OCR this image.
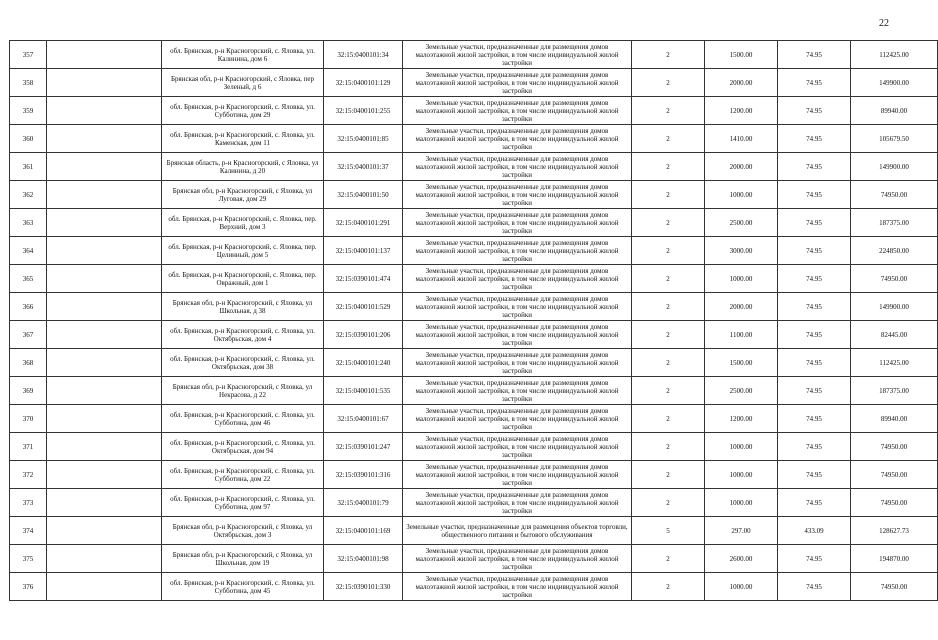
22
357		обл. Брянская, р-н Красногорский, с. Яловка, ул. Калинина, дом 6	32:15:0400101:34	Земельные участки, предназначенные для размещения домов малоэтажной жилой застройки, в том числе индивидуальной жилой застройки	2	1500.00	74.95	112425.00
358		Брянская обл, р-н Красногорский, с Яловка, пер Зеленый, д 6	32:15:0400101:129	Земельные участки, предназначенные для размещения домов малоэтажной жилой застройки, в том числе индивидуальной жилой застройки	2	2000.00	74.95	149900.00
359		обл. Брянская, р-н Красногорский, с. Яловка, ул. Субботина, дом 29	32:15:0400101:255	Земельные участки, предназначенные для размещения домов малоэтажной жилой застройки, в том числе индивидуальной жилой застройки	2	1200.00	74.95	89940.00
360		обл. Брянская, р-н Красногорский, с. Яловка, ул. Каменская, дом 11	32:15:0400101:85	Земельные участки, предназначенные для размещения домов малоэтажной жилой застройки, в том числе индивидуальной жилой застройки	2	1410.00	74.95	105679.50
361		Брянская область, р-н Красногорский, с Яловка, ул Калинина, д 20	32:15:0400101:37	Земельные участки, предназначенные для размещения домов малоэтажной жилой застройки, в том числе индивидуальной жилой застройки	2	2000.00	74.95	149900.00
362		Брянская обл, р-н Красногорский, с Яловка, ул Луговая, дом 29	32:15:0400101:50	Земельные участки, предназначенные для размещения домов малоэтажной жилой застройки, в том числе индивидуальной жилой застройки	2	1000.00	74.95	74950.00
363		обл. Брянская, р-н Красногорский, с. Яловка, пер. Верхний, дом 3	32:15:0400101:291	Земельные участки, предназначенные для размещения домов малоэтажной жилой застройки, в том числе индивидуальной жилой застройки	2	2500.00	74.95	187375.00
364		обл. Брянская, р-н Красногорский, с. Яловка, пер. Целинный, дом 5	32:15:0400101:137	Земельные участки, предназначенные для размещения домов малоэтажной жилой застройки, в том числе индивидуальной жилой застройки	2	3000.00	74.95	224850.00
365		обл. Брянская, р-н Красногорский, с. Яловка, пер. Овражный, дом 1	32:15:0390101:474	Земельные участки, предназначенные для размещения домов малоэтажной жилой застройки, в том числе индивидуальной жилой застройки	2	1000.00	74.95	74950.00
366		Брянская обл, р-н Красногорский, с Яловка, ул Школьная, д 38	32:15:0400101:529	Земельные участки, предназначенные для размещения домов малоэтажной жилой застройки, в том числе индивидуальной жилой застройки	2	2000.00	74.95	149900.00
367		обл. Брянская, р-н Красногорский, с. Яловка, ул. Октябрьская, дом 4	32:15:0390101:206	Земельные участки, предназначенные для размещения домов малоэтажной жилой застройки, в том числе индивидуальной жилой застройки	2	1100.00	74.95	82445.00
368		обл. Брянская, р-н Красногорский, с. Яловка, ул. Октябрьская, дом 38	32:15:0400101:240	Земельные участки, предназначенные для размещения домов малоэтажной жилой застройки, в том числе индивидуальной жилой застройки	2	1500.00	74.95	112425.00
369		Брянская обл, р-н Красногорский, с Яловка, ул Некрасова, д 22	32:15:0400101:535	Земельные участки, предназначенные для размещения домов малоэтажной жилой застройки, в том числе индивидуальной жилой застройки	2	2500.00	74.95	187375.00
370		обл. Брянская, р-н Красногорский, с. Яловка, ул. Субботина, дом 46	32:15:0400101:67	Земельные участки, предназначенные для размещения домов малоэтажной жилой застройки, в том числе индивидуальной жилой застройки	2	1200.00	74.95	89940.00
371		обл. Брянская, р-н Красногорский, с. Яловка, ул. Октябрьская, дом 94	32:15:0390101:247	Земельные участки, предназначенные для размещения домов малоэтажной жилой застройки, в том числе индивидуальной жилой застройки	2	1000.00	74.95	74950.00
372		обл. Брянская, р-н Красногорский, с. Яловка, ул. Субботина, дом 22	32:15:0390101:316	Земельные участки, предназначенные для размещения домов малоэтажной жилой застройки, в том числе индивидуальной жилой застройки	2	1000.00	74.95	74950.00
373		обл. Брянская, р-н Красногорский, с. Яловка, ул. Субботина, дом 97	32:15:0400101:79	Земельные участки, предназначенные для размещения домов малоэтажной жилой застройки, в том числе индивидуальной жилой застройки	2	1000.00	74.95	74950.00
374		Брянская обл, р-н Красногорский, с Яловка, ул Октябрьская, дом 3	32:15:0400101:169	Земельные участки, предназначенные для размещения объектов торговли, общественного питания и бытового обслуживания	5	297.00	433.09	128627.73
375		Брянская обл, р-н Красногорский, с Яловка, ул Школьная, дом 19	32:15:0400101:98	Земельные участки, предназначенные для размещения домов малоэтажной жилой застройки, в том числе индивидуальной жилой застройки	2	2600.00	74.95	194870.00
376		обл. Брянская, р-н Красногорский, с. Яловка, ул. Субботина, дом 45	32:15:0390101:330	Земельные участки, предназначенные для размещения домов малоэтажной жилой застройки, в том числе индивидуальной жилой застройки	2	1000.00	74.95	74950.00
